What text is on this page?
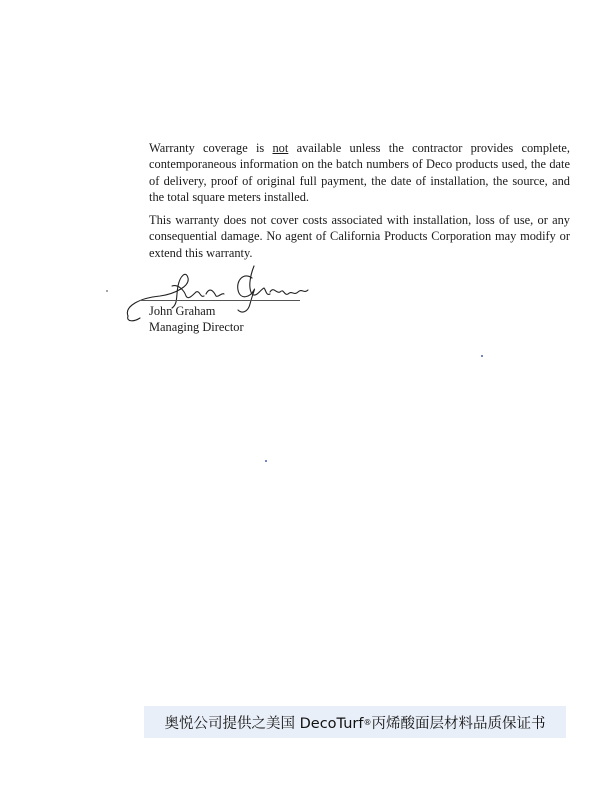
Warranty coverage is not available unless the contractor provides complete, contemporaneous information on the batch numbers of Deco products used, the date of delivery, proof of original full payment, the date of installation, the source, and the total square meters installed.

This warranty does not cover costs associated with installation, loss of use, or any consequential damage. No agent of California Products Corporation may modify or extend this warranty.

John Graham
Managing Director
奥悦公司提供之美国 DecoTurf ® 丙烯酸面层材料品质保证书
